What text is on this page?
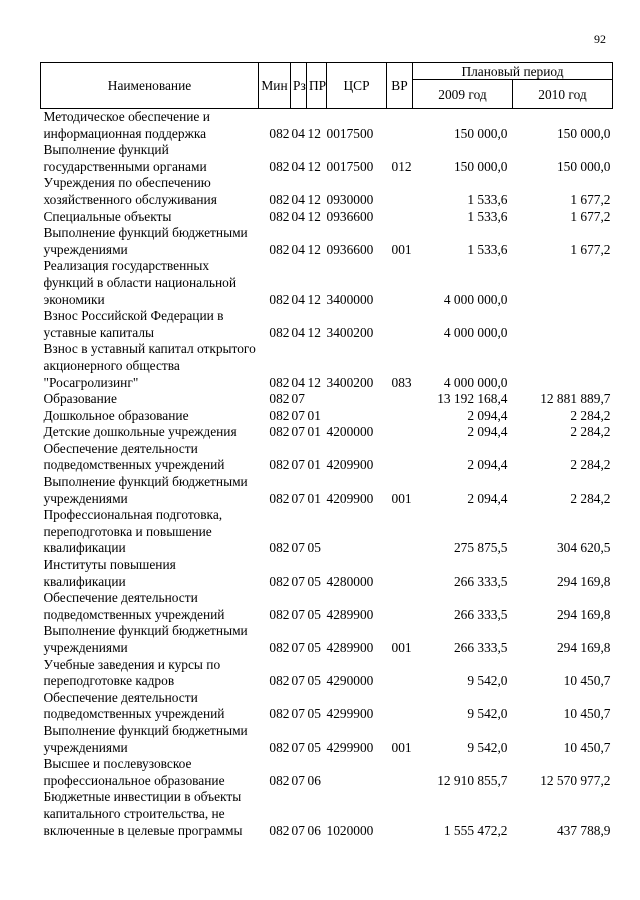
92
Наименование	Мин	Рз	ПР	ЦСР	ВР	Плановый период	
						2009 год	2010 год
Методическое обеспечение и информационная поддержка	082	04	12	0017500		150 000,0	150 000,0
Выполнение функций государственными органами	082	04	12	0017500	012	150 000,0	150 000,0
Учреждения по обеспечению хозяйственного обслуживания	082	04	12	0930000		1 533,6	1 677,2
Специальные объекты	082	04	12	0936600		1 533,6	1 677,2
Выполнение функций бюджетными учреждениями	082	04	12	0936600	001	1 533,6	1 677,2
Реализация государственных функций в области национальной экономики	082	04	12	3400000		4 000 000,0	
Взнос Российской Федерации в уставные капиталы	082	04	12	3400200		4 000 000,0	
Взнос в уставный капитал открытого акционерного общества "Росагролизинг"	082	04	12	3400200	083	4 000 000,0	
Образование	082	07				13 192 168,4	12 881 889,7
Дошкольное образование	082	07	01			2 094,4	2 284,2
Детские дошкольные учреждения	082	07	01	4200000		2 094,4	2 284,2
Обеспечение деятельности подведомственных учреждений	082	07	01	4209900		2 094,4	2 284,2
Выполнение функций бюджетными учреждениями	082	07	01	4209900	001	2 094,4	2 284,2
Профессиональная подготовка, переподготовка и повышение квалификации	082	07	05			275 875,5	304 620,5
Институты повышения квалификации	082	07	05	4280000		266 333,5	294 169,8
Обеспечение деятельности подведомственных учреждений	082	07	05	4289900		266 333,5	294 169,8
Выполнение функций бюджетными учреждениями	082	07	05	4289900	001	266 333,5	294 169,8
Учебные заведения и курсы по переподготовке кадров	082	07	05	4290000		9 542,0	10 450,7
Обеспечение деятельности подведомственных учреждений	082	07	05	4299900		9 542,0	10 450,7
Выполнение функций бюджетными учреждениями	082	07	05	4299900	001	9 542,0	10 450,7
Высшее и послевузовское профессиональное образование	082	07	06			12 910 855,7	12 570 977,2
Бюджетные инвестиции в объекты капитального строительства, не включенные в целевые программы	082	07	06	1020000		1 555 472,2	437 788,9
